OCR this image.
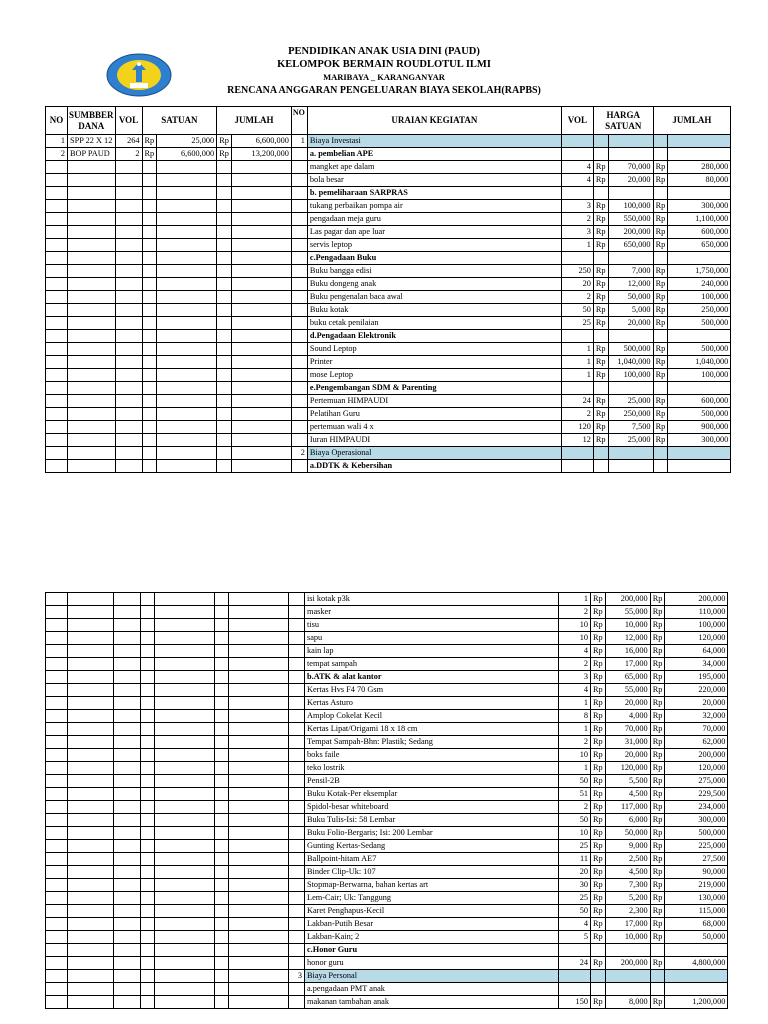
PENDIDIKAN ANAK USIA DINI (PAUD)
KELOMPOK BERMAIN ROUDLOTUL ILMI
MARIBAYA _ KARANGANYAR
RENCANA ANGGARAN PENGELUARAN BIAYA SEKOLAH(RAPBS)
NO	SUMBBER DANA	VOL	SATUAN		JUMLAH		NO	URAIAN KEGIATAN	VOL	HARGA SATUAN		JUMLAH	
1	SPP 22 X 12	264	Rp	25,000	Rp	6,600,000	1	Biaya Investasi					
2	BOP PAUD	2	Rp	6,600,000	Rp	13,200,000		a. pembelian APE					
								mangket ape dalam	4	Rp	70,000	Rp	280,000
								bola besar	4	Rp	20,000	Rp	80,000
								b. pemeliharaan SARPRAS					
								tukang perbaikan pompa air	3	Rp	100,000	Rp	300,000
								pengadaan meja guru	2	Rp	550,000	Rp	1,100,000
								Las pagar dan ape luar	3	Rp	200,000	Rp	600,000
								servis leptop	1	Rp	650,000	Rp	650,000
								c.Pengadaan Buku					
								Buku bangga edisi	250	Rp	7,000	Rp	1,750,000
								Buku dongeng anak	20	Rp	12,000	Rp	240,000
								Buku pengenalan baca awal	2	Rp	50,000	Rp	100,000
								Buku kotak	50	Rp	5,000	Rp	250,000
								buku cetak penilaian	25	Rp	20,000	Rp	500,000
								d.Pengadaan Elektronik					
								Sound Leptop	1	Rp	500,000	Rp	500,000
								Printer	1	Rp	1,040,000	Rp	1,040,000
								mose Leptop	1	Rp	100,000	Rp	100,000
								e.Pengembangan SDM & Parenting					
								Pertemuan HIMPAUDI	24	Rp	25,000	Rp	600,000
								Pelatihan Guru	2	Rp	250,000	Rp	500,000
								pertemuan wali 4 x	120	Rp	7,500	Rp	900,000
								Iuran HIMPAUDI	12	Rp	25,000	Rp	300,000
							2	Biaya Operasional					
								a.DDTK & Kebersihan					
								isi kotak p3k	1	Rp	200,000	Rp	200,000
								masker	2	Rp	55,000	Rp	110,000
								tisu	10	Rp	10,000	Rp	100,000
								sapu	10	Rp	12,000	Rp	120,000
								kain lap	4	Rp	16,000	Rp	64,000
								tempat sampah	2	Rp	17,000	Rp	34,000
								b.ATK & alat kantor	3	Rp	65,000	Rp	195,000
								Kertas Hvs F4 70 Gsm	4	Rp	55,000	Rp	220,000
								Kertas Asturo	1	Rp	20,000	Rp	20,000
								Amplop Cokelat Kecil	8	Rp	4,000	Rp	32,000
								Kertas Lipat/Origami 18 x 18 cm	1	Rp	70,000	Rp	70,000
								Tempat Sampah-Bhn: Plastik; Sedang	2	Rp	31,000	Rp	62,000
								boks faile	10	Rp	20,000	Rp	200,000
								teko lostrik	1	Rp	120,000	Rp	120,000
								Pensil-2B	50	Rp	5,500	Rp	275,000
								Buku Kotak-Per eksemplar	51	Rp	4,500	Rp	229,500
								Spidol-besar whiteboard	2	Rp	117,000	Rp	234,000
								Buku Tulis-Isi: 58 Lembar	50	Rp	6,000	Rp	300,000
								Buku Folio-Bergaris; Isi: 200 Lembar	10	Rp	50,000	Rp	500,000
								Gunting Kertas-Sedang	25	Rp	9,000	Rp	225,000
								Ballpoint-hitam AE7	11	Rp	2,500	Rp	27,500
								Binder Clip-Uk: 107	20	Rp	4,500	Rp	90,000
								Stopmap-Berwarna, bahan kertas art	30	Rp	7,300	Rp	219,000
								Lem-Cair; Uk: Tanggung	25	Rp	5,200	Rp	130,000
								Karet Penghapus-Kecil	50	Rp	2,300	Rp	115,000
								Lakban-Putih Besar	4	Rp	17,000	Rp	68,000
								Lakban-Kain; 2	5	Rp	10,000	Rp	50,000
								c.Honor Guru					
								honor guru	24	Rp	200,000	Rp	4,800,000
							3	Biaya Personal					
								a.pengadaan PMT anak					
								makanan tambahan anak	150	Rp	8,000	Rp	1,200,000
